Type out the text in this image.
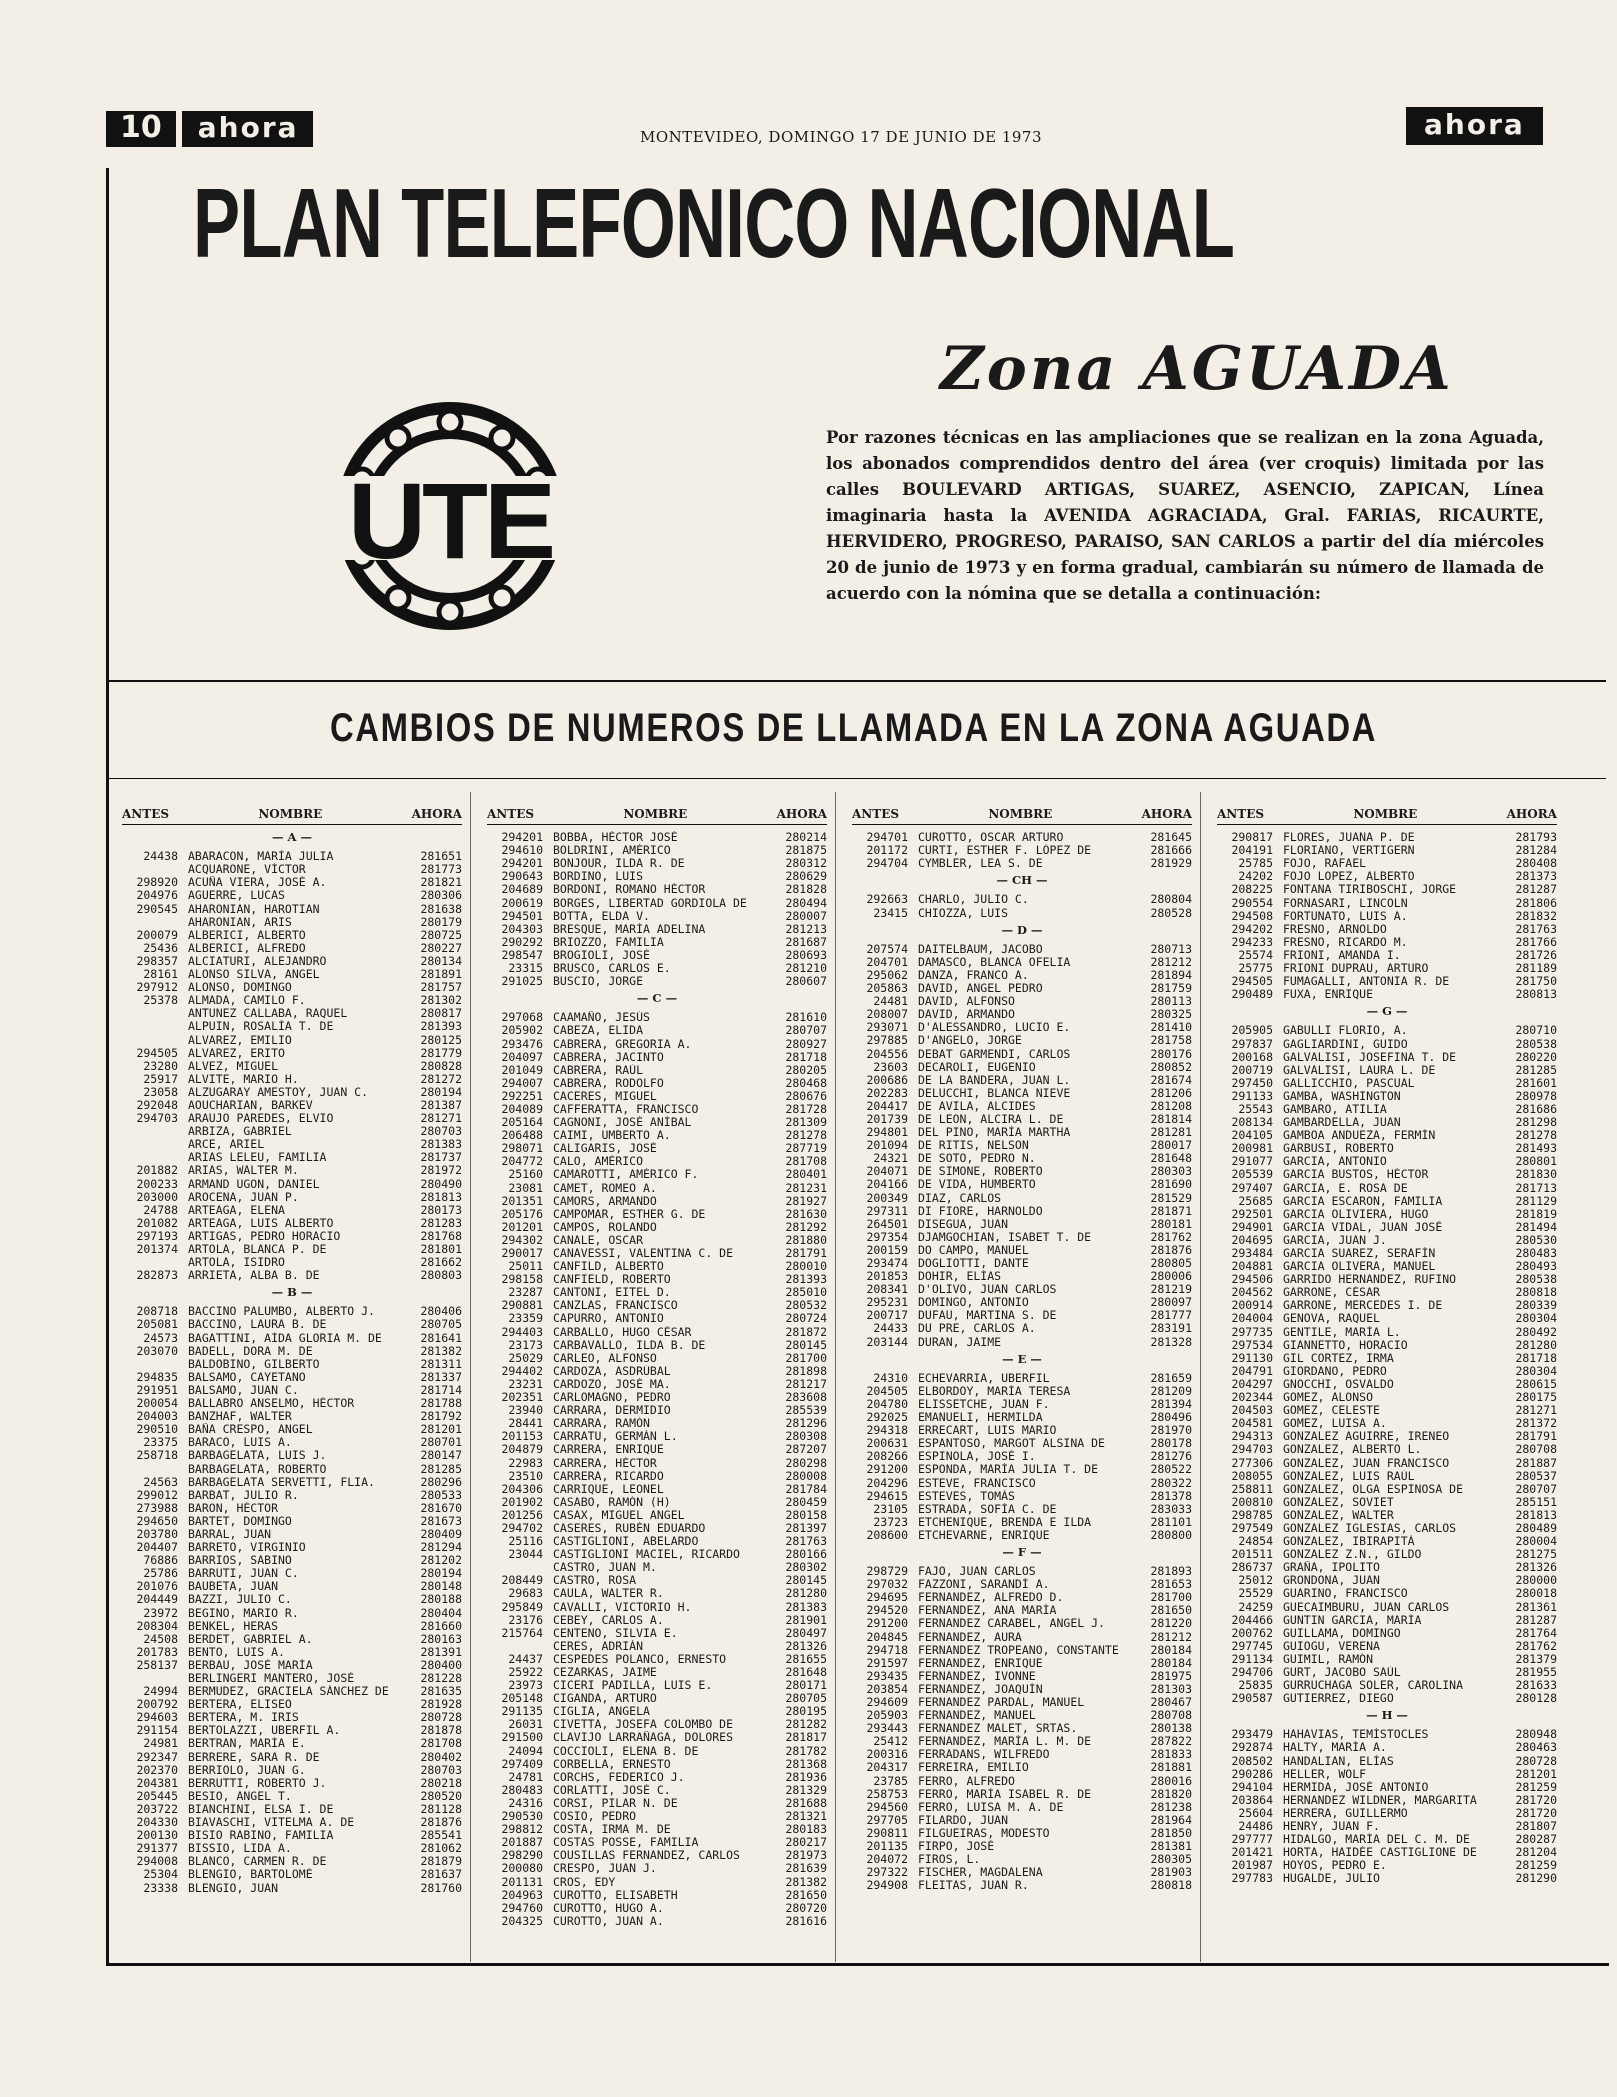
10	ahora	MONTEVIDEO, DOMINGO 17 DE JUNIO DE 1973	ahora
PLAN TELEFONICO NACIONAL
Zona AGUADA
UTE
Por razones técnicas en las ampliaciones que se realizan en la zona Aguada, los abonados comprendidos dentro del área (ver croquis) limitada por las calles BOULEVARD ARTIGAS, SUAREZ, ASENCIO, ZAPICAN, Línea imaginaria hasta la AVENIDA AGRACIADA, Gral. FARIAS, RICAURTE, HERVIDERO, PROGRESO, PARAISO, SAN CARLOS a partir del día miércoles 20 de junio de 1973 y en forma gradual, cambiarán su número de llamada de acuerdo con la nómina que se detalla a continuación:
CAMBIOS DE NUMEROS DE LLAMADA EN LA ZONA AGUADA
ANTES	NOMBRE	AHORA
— A —
24438 ABARACON, MARÍA JULIA	281651
ACQUARONE, VÍCTOR	281773
298920 ACUÑA VIERA, JOSÉ A.	281821
204976 AGUERRE, LUCAS	280306
290545 AHARONIAN, HAROTIAN	281638
AHARONIAN, ARIS	280179
200079 ALBERICI, ALBERTO	280725
25436 ALBERICI, ALFREDO	280227
298357 ALCIATURI, ALEJANDRO	280134
28161 ALONSO SILVA, ANGEL	281891
297912 ALONSO, DOMINGO	281757
25378 ALMADA, CAMILO F.	281302
ANTUNEZ CALLABA, RAQUEL	280817
ALPUIN, ROSALÍA T. DE	281393
ALVAREZ, EMILIO	280125
294505 ALVAREZ, ERITO	281779
23280 ALVEZ, MIGUEL	280828
25917 ALVITE, MARIO H.	281272
23058 ALZUGARAY AMESTOY, JUAN C.	280194
292048 AOUCHARIAN, BARKEV	281387
294703 ARAUJO PAREDES, ELVIO	281271
ARBIZA, GABRIEL	280703
ARCE, ARIEL	281383
ARIAS LELEU, FAMILIA	281737
201882 ARIAS, WALTER M.	281972
200233 ARMAND UGON, DANIEL	280490
203000 AROCENA, JUAN P.	281813
24788 ARTEAGA, ELENA	280173
201082 ARTEAGA, LUIS ALBERTO	281283
297193 ARTIGAS, PEDRO HORACIO	281768
201374 ARTOLA, BLANCA P. DE	281801
ARTOLA, ISIDRO	281662
282873 ARRIETA, ALBA B. DE	280803
— B —
208718 BACCINO PALUMBO, ALBERTO J.	280406
205081 BACCINO, LAURA B. DE	280705
24573 BAGATTINI, AÍDA GLORIA M. DE	281641
203070 BADELL, DORA M. DE	281382
BALDOBINO, GILBERTO	281311
294835 BALSAMO, CAYETANO	281337
291951 BALSAMO, JUAN C.	281714
200054 BALLABRO ANSELMO, HÉCTOR	281788
204003 BANZHAF, WALTER	281792
290510 BAÑA CRESPO, ANGEL	281201
23375 BARACO, LUIS A.	280701
258718 BARBAGELATA, LUIS J.	280147
BARBAGELATA, ROBERTO	281285
24563 BARBAGELATA SERVETTI, FLIA.	280296
299012 BARBAT, JULIO R.	280533
273988 BARON, HÉCTOR	281670
294650 BARTET, DOMINGO	281673
203780 BARRAL, JUAN	280409
204407 BARRETO, VIRGINIO	281294
76886 BARRIOS, SABINO	281202
25786 BARRUTI, JUAN C.	280194
201076 BAUBETA, JUAN	280148
204449 BAZZI, JULIO C.	280188
23972 BEGINO, MARIO R.	280404
208304 BENKEL, HERAS	281660
24508 BERDET, GABRIEL A.	280163
201783 BENTO, LUIS A.	281391
258137 BERBAU, JOSÉ MARÍA	280400
BERLINGERI MANTERO, JOSÉ	281228
24994 BERMUDEZ, GRACIELA SÁNCHEZ DE	281635
200792 BERTERA, ELISEO	281928
294603 BERTERA, M. IRIS	280728
291154 BERTOLAZZI, UBERFIL A.	281878
24981 BERTRAN, MARÍA E.	281708
292347 BERRERE, SARA R. DE	280402
202370 BERRIOLO, JUAN G.	280703
204381 BERRUTTI, ROBERTO J.	280218
205445 BESIO, ANGEL T.	280520
203722 BIANCHINI, ELSA I. DE	281128
204330 BIAVASCHI, VITELMA A. DE	281876
200130 BISIO RABINO, FAMILIA	285541
291377 BISSIO, LIDA A.	281062
294008 BLANCO, CARMEN R. DE	281879
25304 BLENGIO, BARTOLOMÉ	281637
23338 BLENGIO, JUAN	281760
ANTES	NOMBRE	AHORA
294201 BOBBA, HÉCTOR JOSÉ	280214
294610 BOLDRINI, AMÉRICO	281875
294201 BONJOUR, ILDA R. DE	280312
290643 BORDINO, LUIS	280629
204689 BORDONI, ROMANO HÉCTOR	281828
200619 BORGES, LIBERTAD GORDIOLA DE	280494
294501 BOTTA, ELDA V.	280007
204303 BRESQUE, MARÍA ADELINA	281213
290292 BRIOZZO, FAMILIA	281687
298547 BROGIOLI, JOSÉ	280693
23315 BRUSCO, CARLOS E.	281210
291025 BUSCIO, JORGE	280607
— C —
297068 CAAMAÑO, JESÚS	281610
205902 CABEZA, ELIDA	280707
293476 CABRERA, GREGORIA A.	280927
204097 CABRERA, JACINTO	281718
201049 CABRERA, RAÚL	280205
294007 CABRERA, RODOLFO	280468
292251 CACERES, MIGUEL	280676
204089 CAFFERATTA, FRANCISCO	281728
205164 CAGNONI, JOSÉ ANÍBAL	281309
206488 CAIMI, UMBERTO A.	281278
298071 CALIGARIS, JOSÉ	287719
204772 CALO, AMÉRICO	281708
25160 CAMAROTTI, AMÉRICO F.	280401
23081 CAMET, ROMEO A.	281231
201351 CAMORS, ARMANDO	281927
205176 CAMPOMAR, ESTHER G. DE	281630
201201 CAMPOS, ROLANDO	281292
294302 CANALE, OSCAR	281880
290017 CANAVESSI, VALENTINA C. DE	281791
25011 CANFILD, ALBERTO	280010
298158 CANFIELD, ROBERTO	281393
23287 CANTONI, EITEL D.	285010
290881 CANZLAS, FRANCISCO	280532
23359 CAPURRO, ANTONIO	280724
294403 CARBALLO, HUGO CÉSAR	281872
23173 CARBAVALLO, ILDA B. DE	280145
25029 CARLEO, ALFONSO	281700
294402 CARDOZA, ASDRÚBAL	281898
23231 CARDOZO, JOSÉ MA.	281217
202351 CARLOMAGNO, PEDRO	283608
23940 CARRARA, DERMIDIO	285539
28441 CARRARA, RAMÓN	281296
201153 CARRATU, GERMÁN L.	280308
204879 CARRERA, ENRIQUE	287207
22983 CARRERA, HÉCTOR	280298
23510 CARRERA, RICARDO	280008
204306 CARRIQUE, LEONEL	281784
201902 CASABO, RAMÓN (H)	280459
201256 CASAX, MIGUEL ANGEL	280158
294702 CASERES, RUBÉN EDUARDO	281397
25116 CASTIGLIONI, ABELARDO	281763
23044 CASTIGLIONI MACIEL, RICARDO	280166
CASTRO, JUAN M.	280302
208449 CASTRO, ROSA	280145
29683 CAULA, WALTER R.	281280
295849 CAVALLI, VICTORIO H.	281383
23176 CEBEY, CARLOS A.	281901
215764 CENTENO, SILVIA E.	280497
CERES, ADRIÁN	281326
24437 CESPEDES POLANCO, ERNESTO	281655
25922 CEZARKAS, JAIME	281648
23973 CICERI PADILLA, LUIS E.	280171
205148 CIGANDA, ARTURO	280705
291135 CIGLIA, ANGELA	280195
26031 CIVETTA, JOSEFA COLOMBO DE	281282
291500 CLAVIJO LARRAÑAGA, DOLORES	281817
24094 COCCIOLI, ELENA B. DE	281782
297409 CORBELLA, ERNESTO	281368
24781 CORCHS, FEDERICO J.	281936
280483 CORLATTI, JOSÉ C.	281329
24316 CORSI, PILAR N. DE	281688
290530 COSIO, PEDRO	281321
298812 COSTA, IRMA M. DE	280183
201887 COSTAS POSSE, FAMILIA	280217
298290 COUSILLAS FERNANDEZ, CARLOS	281973
200080 CRESPO, JUAN J.	281639
201131 CROS, EDY	281382
204963 CUROTTO, ELISABETH	281650
294760 CUROTTO, HUGO A.	280720
204325 CUROTTO, JUAN A.	281616
ANTES	NOMBRE	AHORA
294701 CUROTTO, OSCAR ARTURO	281645
201172 CURTI, ESTHER F. LÓPEZ DE	281666
294704 CYMBLER, LEA S. DE	281929
— CH —
292663 CHARLO, JULIO C.	280804
23415 CHIOZZA, LUIS	280528
— D —
207574 DAITELBAUM, JACOBO	280713
204701 DAMASCO, BLANCA OFELIA	281212
295062 DANZA, FRANCO A.	281894
205863 DAVID, ANGEL PEDRO	281759
24481 DAVID, ALFONSO	280113
208007 DAVID, ARMANDO	280325
293071 D'ALESSANDRO, LUCIO E.	281410
297885 D'ANGELO, JORGE	281758
204556 DEBAT GARMENDI, CARLOS	280176
23603 DECAROLI, EUGENIO	280852
200686 DE LA BANDERA, JUAN L.	281674
202283 DELUCCHI, BLANCA NIEVE	281206
204417 DE AVILA, ALCIDES	281208
201739 DE LEON, ALCIRA L. DE	281814
294801 DEL PINO, MARÍA MARTHA	281281
201094 DE RITIS, NELSON	280017
24321 DE SOTO, PEDRO N.	281648
204071 DE SIMONE, ROBERTO	280303
204166 DE VIDA, HUMBERTO	281690
200349 DIAZ, CARLOS	281529
297311 DI FIORE, HARNOLDO	281871
264501 DISEGUA, JUAN	280181
297354 DJAMGOCHIAN, ISABET T. DE	281762
200159 DO CAMPO, MANUEL	281876
293474 DOGLIOTTI, DANTE	280805
201853 DOHIR, ELÍAS	280006
208341 D'OLIVO, JUAN CARLOS	281219
295231 DOMINGO, ANTONIO	280097
200717 DUFAU, MARTINA S. DE	281777
24433 DU PRE, CARLOS A.	283191
203144 DURAN, JAIME	281328
— E —
24310 ECHEVARRIA, UBERFIL	281659
204505 ELBORDOY, MARÍA TERESA	281209
204780 ELISSETCHE, JUAN F.	281394
292025 EMANUELI, HERMILDA	280496
294318 ERRECART, LUIS MARIO	281970
200631 ESPANTOSO, MARGOT ALSINA DE	280178
208266 ESPINOLA, JOSÉ I.	281276
291200 ESPONDA, MARÍA JULIA T. DE	280522
204296 ESTEVE, FRANCISCO	280322
294615 ESTEVES, TOMÁS	281378
23105 ESTRADA, SOFÍA C. DE	283033
23723 ETCHENIQUE, BRENDA E ILDA	281101
208600 ETCHEVARNE, ENRIQUE	280800
— F —
298729 FAJO, JUAN CARLOS	281893
297032 FAZZONI, SARANDÍ A.	281653
294695 FERNANDEZ, ALFREDO D.	281700
294520 FERNANDEZ, ANA MARÍA	281650
291200 FERNANDEZ CARABEL, ANGEL J.	281220
204845 FERNANDEZ, AURA	281212
294718 FERNANDEZ TROPEANO, CONSTANTE	280184
291597 FERNANDEZ, ENRIQUE	280184
293435 FERNANDEZ, IVONNE	281975
203854 FERNANDEZ, JOAQUÍN	281303
294609 FERNANDEZ PARDAL, MANUEL	280467
205903 FERNANDEZ, MANUEL	280708
293443 FERNANDEZ MALET, SRTAS.	280138
25412 FERNANDEZ, MARÍA L. M. DE	287822
200316 FERRADANS, WILFREDO	281833
204317 FERREIRA, EMILIO	281881
23785 FERRO, ALFREDO	280016
258753 FERRO, MARÍA ISABEL R. DE	281820
294560 FERRO, LUISA M. A. DE	281238
297705 FILARDO, JUAN	281964
290811 FILGUEIRAS, MODESTO	281850
201135 FIRPO, JOSÉ	281381
204072 FIROS, L.	280305
297322 FISCHER, MAGDALENA	281903
294908 FLEITAS, JUAN R.	280818
ANTES	NOMBRE	AHORA
290817 FLORES, JUANA P. DE	281793
204191 FLORIANO, VERTIGERN	281284
25785 FOJO, RAFAEL	280408
24202 FOJO LOPEZ, ALBERTO	281373
208225 FONTANA TIRIBOSCHI, JORGE	281287
290554 FORNASARI, LINCOLN	281806
294508 FORTUNATO, LUIS A.	281832
294202 FRESNO, ARNOLDO	281763
294233 FRESNO, RICARDO M.	281766
25574 FRIONI, AMANDA I.	281726
25775 FRIONI DUPRAU, ARTURO	281189
294505 FUMAGALLI, ANTONIA R. DE	281750
290489 FUXA, ENRIQUE	280813
— G —
205905 GABULLI FLORIO, A.	280710
297837 GAGLIARDINI, GUIDO	280538
200168 GALVALISI, JOSEFINA T. DE	280220
200719 GALVALISI, LAURA L. DE	281285
297450 GALLICCHIO, PASCUAL	281601
291133 GAMBA, WASHINGTON	280978
25543 GAMBARO, ATILIA	281686
208134 GAMBARDELLA, JUAN	281298
204105 GAMBOA ANDUEZA, FERMÍN	281278
200981 GARBUSI, ROBERTO	281493
291077 GARCIA, ANTONIO	280801
205539 GARCIA BUSTOS, HÉCTOR	281830
297407 GARCIA, E. ROSA DE	281713
25685 GARCIA ESCARON, FAMILIA	281129
292501 GARCIA OLIVIERA, HUGO	281819
294901 GARCIA VIDAL, JUAN JOSÉ	281494
204695 GARCIA, JUAN J.	280530
293484 GARCIA SUAREZ, SERAFÍN	280483
204881 GARCIA OLIVERA, MANUEL	280493
294506 GARRIDO HERNANDEZ, RUFINO	280538
204562 GARRONE, CÉSAR	280818
200914 GARRONE, MERCEDES I. DE	280339
204004 GENOVA, RAQUEL	280304
297735 GENTILE, MARÍA L.	280492
297534 GIANNETTO, HORACIO	281280
291130 GIL CORTEZ, IRMA	281718
204791 GIORDANO, PEDRO	280304
204297 GNOCCHI, OSVALDO	280615
202344 GOMEZ, ALONSO	280175
204503 GOMEZ, CELESTE	281271
204581 GOMEZ, LUISA A.	281372
294313 GONZALEZ AGUIRRE, IRENEO	281791
294703 GONZALEZ, ALBERTO L.	280708
277306 GONZALEZ, JUAN FRANCISCO	281887
208055 GONZALEZ, LUIS RAÚL	280537
258811 GONZALEZ, OLGA ESPINOSA DE	280707
200810 GONZALEZ, SOVIET	285151
298785 GONZALEZ, WALTER	281813
297549 GONZALEZ IGLESIAS, CARLOS	280489
24854 GONZALEZ, IBIRAPITÁ	280004
201511 GONZALEZ Z.N., GILDO	281275
286737 GRAÑA, IPOLITO	281326
25012 GRONDONA, JUAN	280000
25529 GUARINO, FRANCISCO	280018
24259 GUECAIMBURU, JUAN CARLOS	281361
204466 GUNTIN GARCIA, MARÍA	281287
200762 GUILLAMA, DOMINGO	281764
297745 GUIOGU, VERENA	281762
291134 GUIMIL, RAMÓN	281379
294706 GURT, JACOBO SAÚL	281955
25835 GURRUCHAGA SOLER, CAROLINA	281633
290587 GUTIERREZ, DIEGO	280128
— H —
293479 HAHAVIAS, TEMÍSTOCLES	280948
292874 HALTY, MARÍA A.	280463
208502 HANDALIAN, ELÍAS	280728
290286 HELLER, WOLF	281201
294104 HERMIDA, JOSÉ ANTONIO	281259
203864 HERNANDEZ WILDNER, MARGARITA	281720
25604 HERRERA, GUILLERMO	281720
24486 HENRY, JUAN F.	281807
297777 HIDALGO, MARÍA DEL C. M. DE	280287
201421 HORTA, HAIDÉE CASTIGLIONE DE	281204
201987 HOYOS, PEDRO E.	281259
297783 HUGALDE, JULIO	281290
